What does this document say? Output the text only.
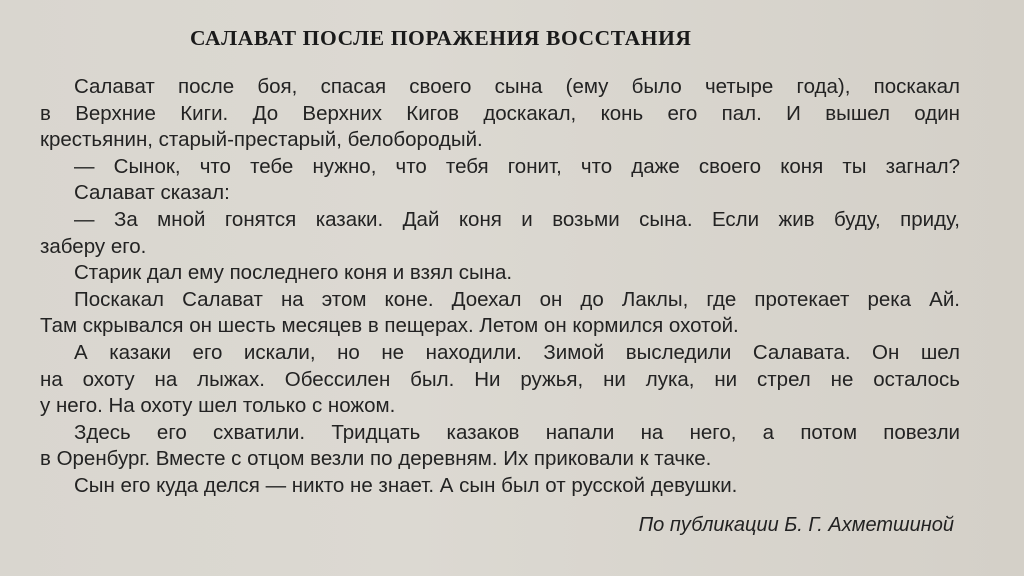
САЛАВАТ ПОСЛЕ ПОРАЖЕНИЯ ВОССТАНИЯ
Салават после боя, спасая своего сына (ему было четыре года), поскакал
в Верхние Киги. До Верхних Кигов доскакал, конь его пал. И вышел один
крестьянин, старый-престарый, белобородый.
— Сынок, что тебе нужно, что тебя гонит, что даже своего коня ты загнал?
Салават сказал:
— За мной гонятся казаки. Дай коня и возьми сына. Если жив буду, приду,
заберу его.
Старик дал ему последнего коня и взял сына.
Поскакал Салават на этом коне. Доехал он до Лаклы, где протекает река Ай.
Там скрывался он шесть месяцев в пещерах. Летом он кормился охотой.
А казаки его искали, но не находили. Зимой выследили Салавата. Он шел
на охоту на лыжах. Обессилен был. Ни ружья, ни лука, ни стрел не осталось
у него. На охоту шел только с ножом.
Здесь его схватили. Тридцать казаков напали на него, а потом повезли
в Оренбург. Вместе с отцом везли по деревням. Их приковали к тачке.
Сын его куда делся — никто не знает. А сын был от русской девушки.
По публикации Б. Г. Ахметшиной
